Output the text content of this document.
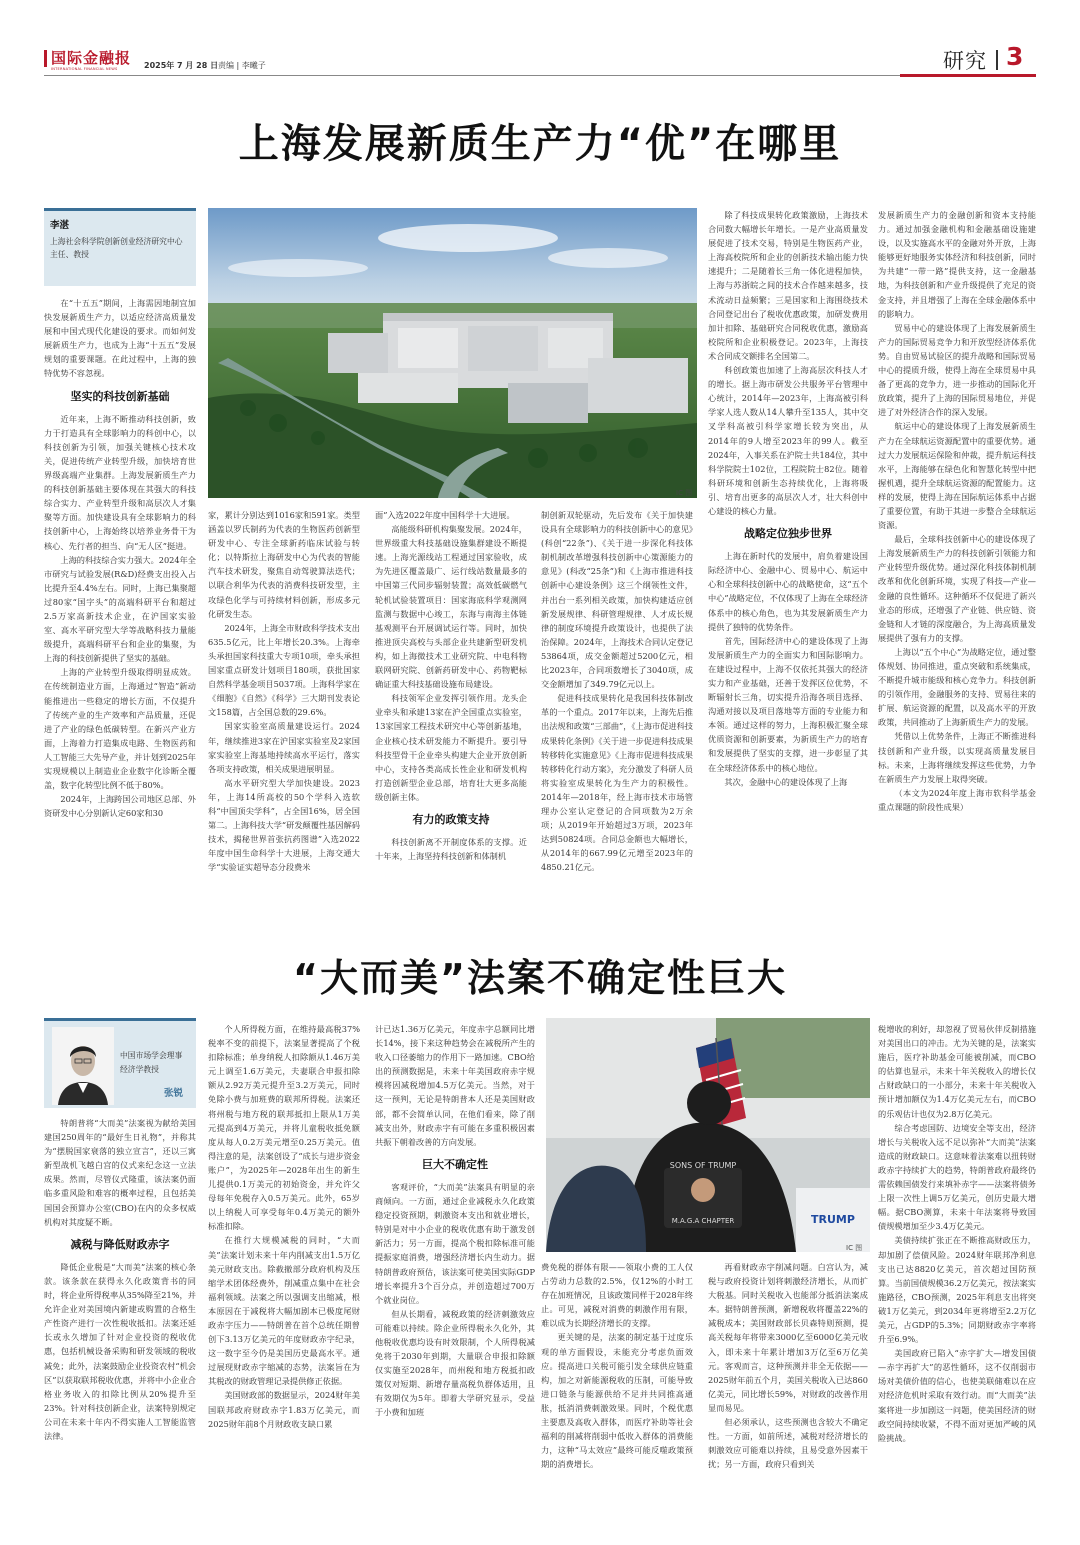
国际金融报
INTERNATIONAL FINANCIAL NEWS	2025年 7 月 28 日 责编 | 李曦子	研究 3
上海发展新质生产力“优”在哪里
李湛
上海社会科学院创新创业经济研究中心主任、教授
IC 图

在“十五五”期间，上海需因地制宜加快发展新质生产力，以适应经济高质量发展和中国式现代化建设的要求。而如何发展新质生产力，也成为上海“十五五”发展规划的重要课题。在此过程中，上海的独特优势不容忽视。

坚实的科技创新基础

近年来，上海不断推动科技创新，致力于打造具有全球影响力的科创中心，以科技创新为引领，加强关键核心技术攻关，促进传统产业转型升级，加快培育世界级高端产业集群。上海发展新质生产力的科技创新基础主要体现在其强大的科技综合实力、产业转型升级和高层次人才集聚等方面。加快建设具有全球影响力的科技创新中心，上海始终以培养业务骨干为核心、先行者的担当、向“无人区”挺进。

上海的科技综合实力强大。2024年全市研究与试验发展(R&D)经费支出投入占比提升至4.4%左右。同时，上海已集聚超过80家“国字头”的高端科研平台和超过2.5万家高新技术企业，在沪国家实验室、高水平研究型大学等战略科技力量能级提升，高端科研平台和企业的集聚，为上海的科技创新提供了坚实的基础。

上海的产业转型升级取得明显成效。在传统制造业方面，上海通过“智造”新动能推进出一些稳定的增长方面，不仅提升了传统产业的生产效率和产品质量，还促进了产业的绿色低碳转型。在新兴产业方面，上海着力打造集成电路、生物医药和人工智能三大先导产业，并计划到2025年实现规模以上制造业企业数字化诊断全覆盖，数字化转型比例不低于80%。

2024年，上海跨国公司地区总部、外资研发中心分别新认定60家和30

家，累计分别达到1016家和591家。类型涵盖以罗氏制药为代表的生物医药创新型研发中心、专注全球新药临床试验与转化；以特斯拉上海研发中心为代表的智能汽车技术研发，聚焦自动驾驶算法迭代；以联合利华为代表的消费科技研发型，主攻绿色化学与可持续材料创新，形成多元化研发生态。

2024年，上海全市财政科学技术支出635.5亿元，比上年增长20.3%。上海牵头承担国家科技重大专项10项，牵头承担国家重点研发计划项目180项，获批国家自然科学基金项目5037项。上海科学家在《细胞》《自然》《科学》三大期刊发表论文158篇，占全国总数的29.6%。

国家实验室高质量建设运行。2024年，继续推进3家在沪国家实验室及2家国家实验室上海基地持续高水平运行，落实各项支持政策，相关成果进展明显。

高水平研究型大学加快建设。2023年，上海14所高校的50个学科入选软科“中国顶尖学科”，占全国16%，居全国第二。上海科技大学“研发颠覆性基因解码技术，揭秘世界首张抗药图谱”入选2022年度中国生命科学十大进展，上海交通大学“实验证实超导态分段费米

面”入选2022年度中国科学十大进展。

高能级科研机构集聚发展。2024年，世界级重大科技基础设施集群建设不断提速。上海光源线站工程通过国家验收，成为先进区覆盖最广、运行线站数量最多的中国第三代同步辐射装置；高效低碳燃气轮机试验装置项目：国家海底科学观测网监测与数据中心竣工，东海与南海主体链基观测平台开展调试运行等。同时，加快推进顶尖高校与头部企业共建新型研发机构，如上海微技术工业研究院、中电科物联网研究院、创新药研发中心、药物靶标确证重大科技基础设施布局建设。

科技领军企业发挥引领作用。龙头企业牵头和承建13家在沪全国重点实验室，13家国家工程技术研究中心等创新基地，企业核心技术研发能力不断提升。要引导科技型骨干企业牵头构建大企业开放创新中心，支持各类高成长性企业和研发机构打造创新型企业总部，培育壮大更多高能级创新主体。

有力的政策支持

科技创新离不开制度体系的支撑。近十年来，上海坚持科技创新和体制机

制创新双轮驱动，先后发布《关于加快建设具有全球影响力的科技创新中心的意见》(科创“22条”)、《关于进一步深化科技体制机制改革增强科技创新中心策源能力的意见》(科改“25条”)和《上海市推进科技创新中心建设条例》这三个纲领性文件，并出台一系列相关政策，加快构建适应创新发展规律、科研管理规律、人才成长规律的制度环境提升政策设计，也提供了法治保障。2024年，上海技术合同认定登记53864项，成交金额超过5200亿元，相比2023年，合同项数增长了3040项，成交金额增加了349.79亿元以上。

促进科技成果转化是我国科技体制改革的一个重点。2017年以来，上海先后推出法规和政策“三部曲”，《上海市促进科技成果转化条例》《关于进一步促进科技成果转移转化实施意见》《上海市促进科技成果转移转化行动方案》，充分激发了科研人员将实验室成果转化为生产力的积极性。2014年—2018年，经上海市技术市场管理办公室认定登记的合同项数为2万余项；从2019年开始超过3万项，2023年达到50824项。合同总金额也大幅增长，从2014年的667.99亿元增至2023年的4850.21亿元。

除了科技成果转化政策激励，上海技术合同数大幅增长年增长。一是产业高质量发展促进了技术交易，特别是生物医药产业，上海高校院所和企业的创新技术输出能力快速提升；二是随着长三角一体化进程加快，上海与苏浙皖之间的技术合作越来越多，技术流动日益频繁；三是国家和上海围绕技术合同登记出台了税收优惠政策，加研发费用加计扣除、基础研究合同税收优惠，激励高校院所和企业积极登记。2023年，上海技术合同成交额排名全国第二。

科创政策也加速了上海高层次科技人才的增长。据上海市研发公共服务平台管理中心统计，2014年—2023年，上海高被引科学家人选人数从14人攀升至135人，其中交叉学科高被引科学家增长较为突出，从2014年的9人增至2023年的99人。截至2024年，入事关系在沪院士共184位，其中科学院院士102位，工程院院士82位。随着科研环境和创新生态持续优化，上海将吸引、培育出更多的高层次人才，壮大科创中心建设的核心力量。

战略定位独步世界

上海在新时代的发展中，肩负着建设国际经济中心、金融中心、贸易中心、航运中心和全球科技创新中心的战略使命，这“五个中心”战略定位，不仅体现了上海在全球经济体系中的核心角色，也为其发展新质生产力提供了独特的优势条件。

首先，国际经济中心的建设体现了上海发展新质生产力的全面实力和国际影响力。在建设过程中，上海不仅依托其强大的经济实力和产业基础，还善于发挥区位优势，不断辐射长三角，切实提升沿海各项目选择、沟通对接以及项目落地等方面的专业能力和本领。通过这样的努力，上海积极汇聚全球优质资源和创新要素，为新质生产力的培育和发展提供了坚实的支撑，进一步彰显了其在全球经济体系中的核心地位。

其次，金融中心的建设体现了上海

发展新质生产力的金融创新和资本支持能力。通过加强金融机构和金融基础设施建设，以及实施高水平的金融对外开放，上海能够更好地服务实体经济和科技创新，同时为共建“一带一路”提供支持，这一金融基地，为科技创新和产业升级提供了充足的资金支持，并且增强了上海在全球金融体系中的影响力。

贸易中心的建设体现了上海发展新质生产力的国际贸易竞争力和开放型经济体系优势。自由贸易试验区的提升战略和国际贸易中心的提质升级，使得上海在全球贸易中具备了更高的竞争力，进一步推动的国际化开放政策，提升了上海的国际贸易地位，并促进了对外经济合作的深入发展。

航运中心的建设体现了上海发展新质生产力在全球航运资源配置中的重要优势。通过大力发展航运保险和仲裁，提升航运科技水平，上海能够在绿色化和智慧化转型中把握机遇，提升全球航运资源的配置能力。这样的发展，使得上海在国际航运体系中占据了重要位置，有助于其进一步整合全球航运资源。

最后，全球科技创新中心的建设体现了上海发展新质生产力的科技创新引领能力和产业转型升级优势。通过深化科技体制机制改革和优化创新环境，实现了科技—产业—金融的良性循环。这种循环不仅促进了新兴业态的形成，还增强了产业链、供应链、资金链和人才链的深度融合，为上海高质量发展提供了强有力的支撑。

上海以“五个中心”为战略定位，通过整体规划、协同推进，重点突破和系统集成，不断提升城市能级和核心竞争力。科技创新的引领作用，金融服务的支持、贸易往来的扩展、航运资源的配置，以及高水平的开放政策，共同推动了上海新质生产力的发展。

凭借以上优势条件，上海正不断推进科技创新和产业升级，以实现高质量发展目标。未来，上海将继续发挥这些优势，力争在新质生产力发展上取得突破。

（本文为2024年度上海市软科学基金重点课题的阶段性成果）

“大而美”法案不确定性巨大
中国市场学会理事
经济学教授
张锐
SONS OF TRUMP
M.A.G.A CHAPTER	TRUMP
IC 图

特朗普将“大而美”法案视为献给美国建国250周年的“最好生日礼物”，并称其为“摆脱国家衰落的独立宣言”，还以三寓新型战机飞越白宫的仪式来纪念这一立法成果。然而，尽管仪式隆重，该法案仍面临多重风险和难容的概率过程，且包括美国国会预算办公室(CBO)在内的众多权威机构对其度疑不断。

减税与降低财政赤字

降低企业税是“大而美”法案的核心条款。该条款在获得永久化政策背书的同时，将企业所得税率从35%降至21%，并允许企业对美国境内新建或购置的合格生产性资产进行一次性税收抵扣。法案还延长或永久增加了针对企业投资的税收优惠，包括机械设备采购和研发领域的税收减免；此外，法案鼓励企业投资农村“机会区”以获取联邦税收优惠，并将中小企业合格业务收入的扣除比例从20%提升至23%。针对科技创新企业，法案特别规定公司在未来十年内不得实施人工智能监管法律。

个人所得税方面，在维持最高税37%税率不变的前提下，法案显著提高了个税扣除标准；单身纳税人扣除额从1.46万美元上调至1.6万美元，夫妻联合申报扣除额从2.92万美元提升至3.2万美元，同时免除小费与加班费的联邦所得税。法案还将州税与地方税的联邦抵扣上限从1万美元提高到4万美元，并将儿童税收抵免额度从每人0.2万美元增至0.25万美元。值得注意的是，法案创设了“成长与进步资金账户”，为2025年—2028年出生的新生儿提供0.1万美元的初始资金，并允许父母每年免税存入0.5万美元。此外，65岁以上纳税人可享受每年0.4万美元的额外标准扣除。

在推行大规模减税的同时，“大而美”法案计划未来十年内削减支出1.5万亿美元财政支出。除截撤部分政府机构及压缩学术团体经费外，削减重点集中在社会福利领域。法案之所以强调支出缩减，根本原因在于减税将大幅加剧本已极度尾财政赤字压力——特朗普在首个总统任期曾创下3.13万亿美元的年度财政赤字纪录，这一数字至今仍是美国历史最高水平。通过展现财政赤字缩减的态势，法案旨在为其税改的财政管理记录提供修正依据。

美国财政部的数据显示，2024财年美国联邦政府财政赤字1.83万亿美元，而2025财年前8个月财政收支缺口累

计已达1.36万亿美元，年度赤字总额同比增长14%，接下来这种趋势会在减税所产生的收入口径萎缩力的作用下一路加速。CBO给出的预测数据是，未来十年美国政府赤字规模将因减税增加4.5万亿美元。当然，对于这一预判，无论是特朗普本人还是美国财政部，都不会简单认同，在他们看来，除了削减支出外，财政赤字有可能在多重积极因素共振下朝着改善的方向发展。

巨大不确定性

客观评价，“大而美”法案具有明显的亲商倾向。一方面，通过企业减税永久化政策稳定投资预期，刺激资本支出和就业增长，特别是对中小企业的税收优惠有助于激发创新活力；另一方面，提高个税扣除标准可能提振家庭消费，增强经济增长内生动力。据特朗普政府预估，该法案可使美国实际GDP增长率提升3个百分点，并创造超过700万个就业岗位。

但从长期看，减税政策的经济刺激效应可能难以持续。除企业所得税永久化外，其他税收优惠均设有时效限制，个人所得税减免将于2030年到期，大量联合申报扣除额仅实施至2028年，而州税和地方税抵扣政策仅对短期、新增存量高税负群体适用，且有效期仅为5年。即着大学研究显示，受益于小费和加班

费免税的群体有限——领取小费的工人仅占劳动力总数的2.5%，仅12%的小时工存在加班情况，且该政策同样于2028年终止。可见，减税对消费的刺激作用有限，难以成为长期经济增长的支撑。

更关键的是，法案的制定基于过度乐观的单方面假设，未能充分考虑负面效应。提高进口关税可能引发全球供应链重构，加之对新能源税收的压制，可能导致进口链条与能源供给不足并共同推高通胀，抵消消费刺激效果。同时，个税优惠主要惠及高收入群体，而医疗补助等社会福利的削减将削弱中低收入群体的消费能力，这种“马太效应”最终可能反噬政策预期的消费增长。

再看财政赤字削减问题。白宫认为，减税与政府投资计划将刺激经济增长，从而扩大税基。同时关税收入也能部分抵消法案成本。据特朗普预测，新增税收将覆盖22%的减税成本；美国财政部长贝森特则预测，提高关税每年将带来3000亿至6000亿美元收入，即未来十年累计增加3万亿至6万亿美元。客观而言，这种预测并非全无依据——2025财年前五个月，美国关税收入已达860亿美元，同比增长59%，对财政的改善作用显而易见。

但必须承认，这些预测也含较大不确定性。一方面，如前所述，减税对经济增长的刺激效应可能难以持续，且易受意外因素干扰；另一方面，政府只看到关

税增收的利好，却忽视了贸易伙伴反制措施对美国出口的冲击。尤为关键的是，法案实施后，医疗补助基金可能被削减，而CBO的估算也显示，未来十年关税收入的增长仅占财政缺口的一小部分，未来十年关税收入预计增加额仅为1.4万亿美元左右，而CBO的乐观估计也仅为2.8万亿美元。

综合考虑国防、边境安全等支出，经济增长与关税收入远不足以弥补“大而美”法案造成的财政缺口。这意味着法案难以扭转财政赤字持续扩大的趋势，特朗普政府最终仍需依赖国债发行来填补赤字——法案将债务上限一次性上调5万亿美元，创历史最大增幅。据CBO测算，未来十年法案将导致国债规模增加至少3.4万亿美元。

美债持续扩张正在不断推高财政压力，却加剧了偿债风险。2024财年联邦净利息支出已达8820亿美元，首次超过国防预算。当前国债规模36.2万亿美元，按法案实施路径，CBO预测，2025年利息支出将突破1万亿美元，到2034年更将增至2.2万亿美元，占GDP的5.3%；同期财政赤字率将升至6.9%。

美国政府已陷入“赤字扩大—增发国债—赤字再扩大”的恶性循环，这不仅削弱市场对美债价值的信心，也使美联储难以在应对经济危机时采取有效行动。而“大而美”法案将进一步加剧这一问题，使美国经济的财政空间持续收紧，不得不面对更加严峻的风险挑战。
